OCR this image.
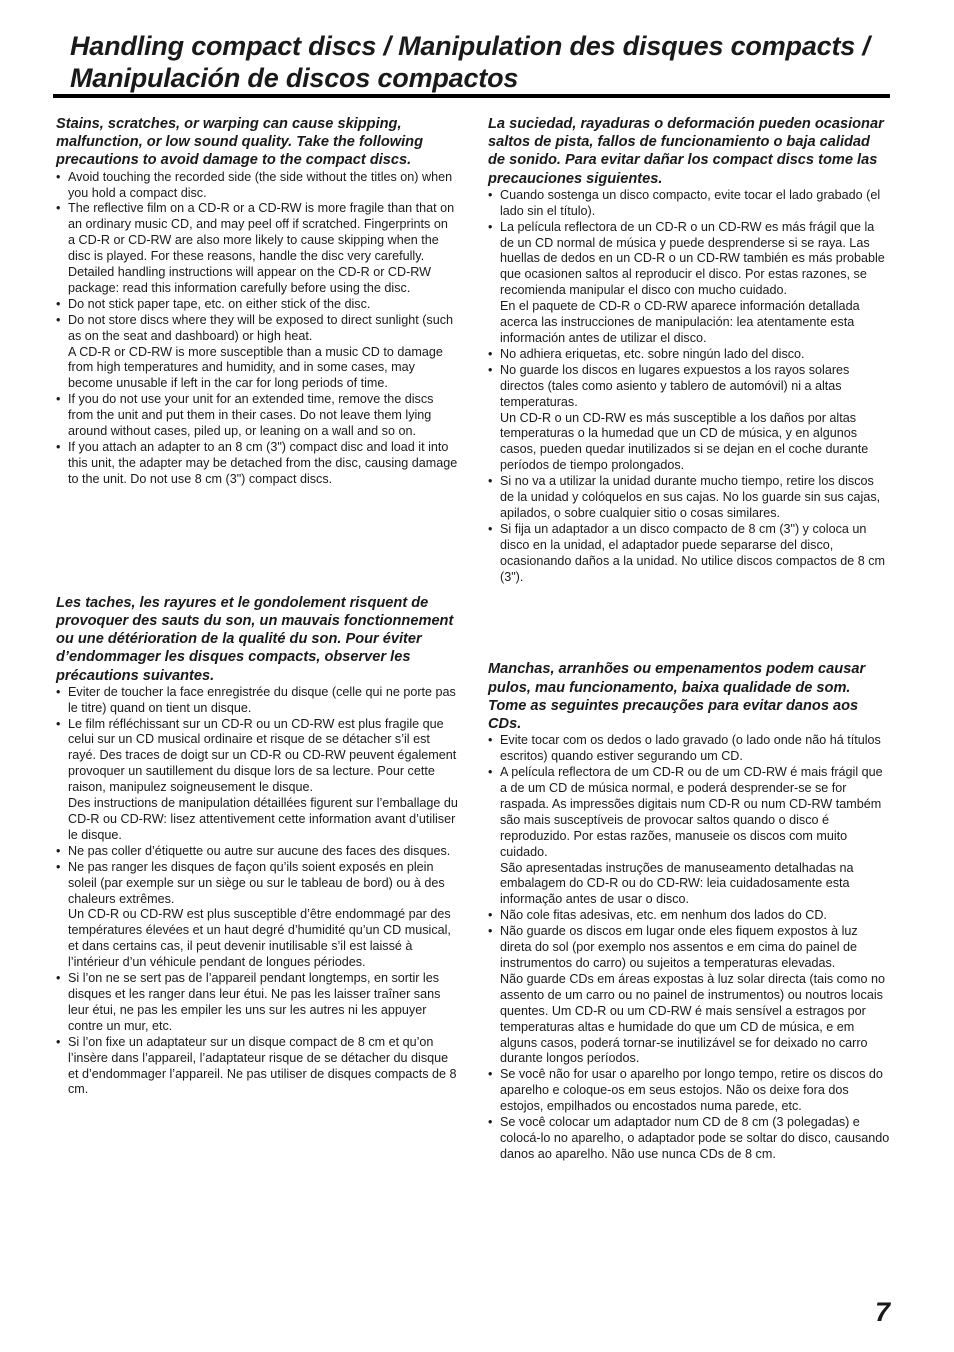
Handling compact discs / Manipulation des disques compacts / Manipulación de discos compactos

Stains, scratches, or warping can cause skipping, malfunction, or low sound quality. Take the following precautions to avoid damage to the compact discs.

• Avoid touching the recorded side (the side without the titles on) when you hold a compact disc.
• The reflective film on a CD-R or a CD-RW is more fragile than that on an ordinary music CD, and may peel off if scratched. Fingerprints on a CD-R or CD-RW are also more likely to cause skipping when the disc is played. For these reasons, handle the disc very carefully. Detailed handling instructions will appear on the CD-R or CD-RW package: read this information carefully before using the disc.
• Do not stick paper tape, etc. on either stick of the disc.
• Do not store discs where they will be exposed to direct sunlight (such as on the seat and dashboard) or high heat.
A CD-R or CD-RW is more susceptible than a music CD to damage from high temperatures and humidity, and in some cases, may become unusable if left in the car for long periods of time.
• If you do not use your unit for an extended time, remove the discs from the unit and put them in their cases. Do not leave them lying around without cases, piled up, or leaning on a wall and so on.
• If you attach an adapter to an 8 cm (3") compact disc and load it into this unit, the adapter may be detached from the disc, causing damage to the unit. Do not use 8 cm (3") compact discs.

Les taches, les rayures et le gondolement risquent de provoquer des sauts du son, un mauvais fonctionnement ou une détérioration de la qualité du son. Pour éviter d’endommager les disques compacts, observer les précautions suivantes.

• Eviter de toucher la face enregistrée du disque (celle qui ne porte pas le titre) quand on tient un disque.
• Le film réfléchissant sur un CD-R ou un CD-RW est plus fragile que celui sur un CD musical ordinaire et risque de se détacher s’il est rayé. Des traces de doigt sur un CD-R ou CD-RW peuvent également provoquer un sautillement du disque lors de sa lecture. Pour cette raison, manipulez soigneusement le disque.
Des instructions de manipulation détaillées figurent sur l’emballage du CD-R ou CD-RW: lisez attentivement cette information avant d’utiliser le disque.
• Ne pas coller d’étiquette ou autre sur aucune des faces des disques.
• Ne pas ranger les disques de façon qu’ils soient exposés en plein soleil (par exemple sur un siège ou sur le tableau de bord) ou à des chaleurs extrêmes.
Un CD-R ou CD-RW est plus susceptible d’être endommagé par des températures élevées et un haut degré d’humidité qu’un CD musical, et dans certains cas, il peut devenir inutilisable s’il est laissé à l’intérieur d’un véhicule pendant de longues périodes.
• Si l’on ne se sert pas de l’appareil pendant longtemps, en sortir les disques et les ranger dans leur étui. Ne pas les laisser traîner sans leur étui, ne pas les empiler les uns sur les autres ni les appuyer contre un mur, etc.
• Si l’on fixe un adaptateur sur un disque compact de 8 cm et qu’on l’insère dans l’appareil, l’adaptateur risque de se détacher du disque et d’endommager l’appareil. Ne pas utiliser de disques compacts de 8 cm.

La suciedad, rayaduras o deformación pueden ocasionar saltos de pista, fallos de funcionamiento o baja calidad de sonido. Para evitar dañar los compact discs tome las precauciones siguientes.

• Cuando sostenga un disco compacto, evite tocar el lado grabado (el lado sin el título).
• La película reflectora de un CD-R o un CD-RW es más frágil que la de un CD normal de música y puede desprenderse si se raya. Las huellas de dedos en un CD-R o un CD-RW también es más probable que ocasionen saltos al reproducir el disco. Por estas razones, se recomienda manipular el disco con mucho cuidado.
En el paquete de CD-R o CD-RW aparece información detallada acerca las instrucciones de manipulación: lea atentamente esta información antes de utilizar el disco.
• No adhiera eriquetas, etc. sobre ningún lado del disco.
• No guarde los discos en lugares expuestos a los rayos solares directos (tales como asiento y tablero de automóvil) ni a altas temperaturas.
Un CD-R o un CD-RW es más susceptible a los daños por altas temperaturas o la humedad que un CD de música, y en algunos casos, pueden quedar inutilizados si se dejan en el coche durante períodos de tiempo prolongados.
• Si no va a utilizar la unidad durante mucho tiempo, retire los discos de la unidad y colóquelos en sus cajas. No los guarde sin sus cajas, apilados, o sobre cualquier sitio o cosas similares.
• Si fija un adaptador a un disco compacto de 8 cm (3") y coloca un disco en la unidad, el adaptador puede separarse del disco, ocasionando daños a la unidad. No utilice discos compactos de 8 cm (3").

Manchas, arranhões ou empenamentos podem causar pulos, mau funcionamento, baixa qualidade de som. Tome as seguintes precauções para evitar danos aos CDs.

• Evite tocar com os dedos o lado gravado (o lado onde não há títulos escritos) quando estiver segurando um CD.
• A película reflectora de um CD-R ou de um CD-RW é mais frágil que a de um CD de música normal, e poderá desprender-se se for raspada. As impressões digitais num CD-R ou num CD-RW também são mais susceptíveis de provocar saltos quando o disco é reproduzido. Por estas razões, manuseie os discos com muito cuidado.
São apresentadas instruções de manuseamento detalhadas na embalagem do CD-R ou do CD-RW: leia cuidadosamente esta informação antes de usar o disco.
• Não cole fitas adesivas, etc. em nenhum dos lados do CD.
• Não guarde os discos em lugar onde eles fiquem expostos à luz direta do sol (por exemplo nos assentos e em cima do painel de instrumentos do carro) ou sujeitos a temperaturas elevadas.
Não guarde CDs em áreas expostas à luz solar directa (tais como no assento de um carro ou no painel de instrumentos) ou noutros locais quentes. Um CD-R ou um CD-RW é mais sensível a estragos por temperaturas altas e humidade do que um CD de música, e em alguns casos, poderá tornar-se inutilizável se for deixado no carro durante longos períodos.
• Se você não for usar o aparelho por longo tempo, retire os discos do aparelho e coloque-os em seus estojos. Não os deixe fora dos estojos, empilhados ou encostados numa parede, etc.
• Se você colocar um adaptador num CD de 8 cm (3 polegadas) e colocá-lo no aparelho, o adaptador pode se soltar do disco, causando danos ao aparelho. Não use nunca CDs de 8 cm.
7
